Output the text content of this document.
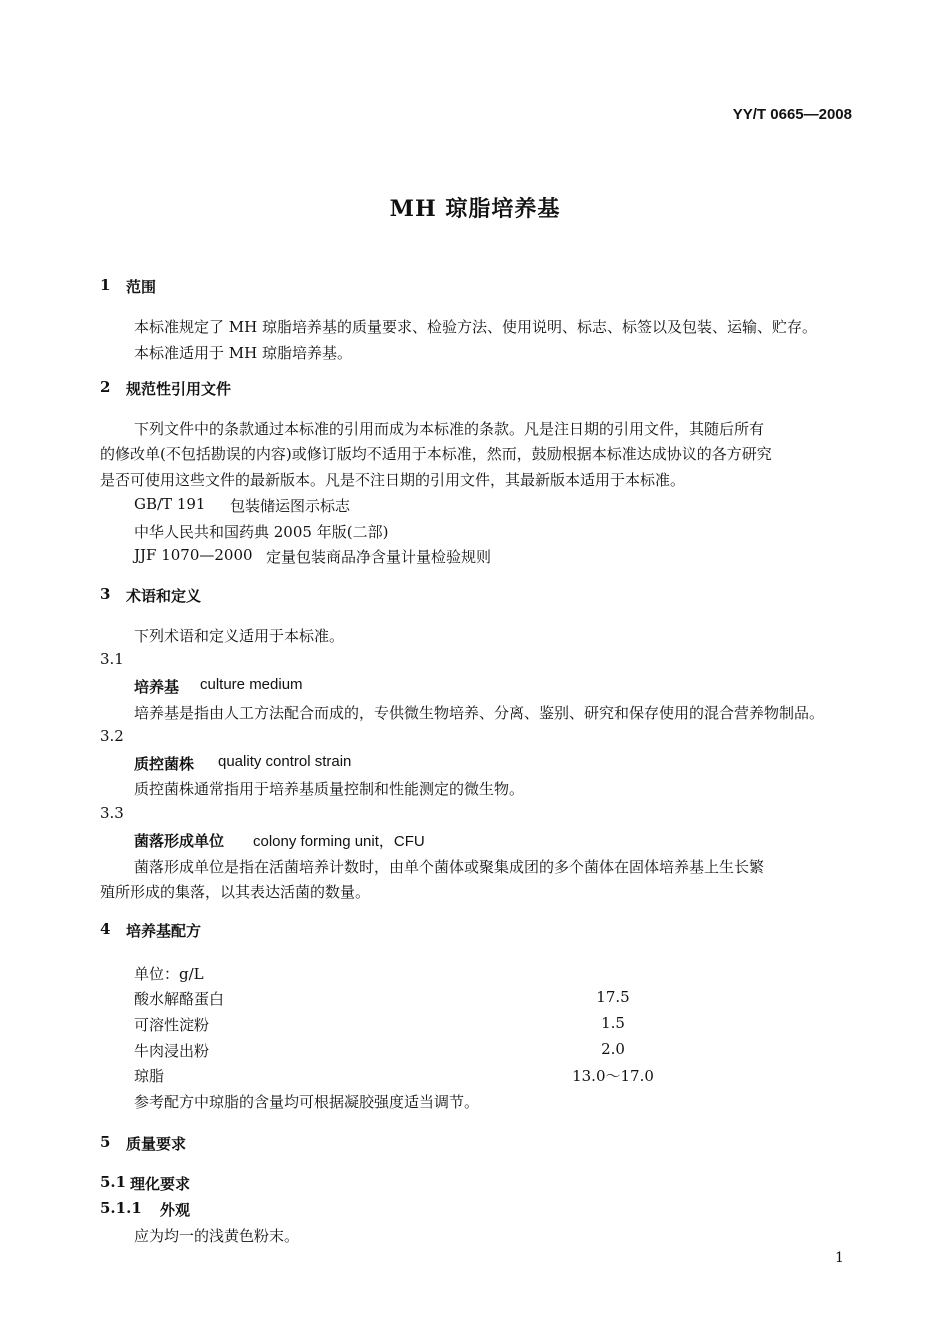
YY/T 0665—2008
MH 琼脂培养基
1 范围
本标准规定了 MH 琼脂培养基的质量要求、检验方法、使用说明、标志、标签以及包装、运输、贮存。
本标准适用于 MH 琼脂培养基。
2 规范性引用文件
下列文件中的条款通过本标准的引用而成为本标准的条款。凡是注日期的引用文件，其随后所有
的修改单(不包括勘误的内容)或修订版均不适用于本标准，然而，鼓励根据本标准达成协议的各方研究
是否可使用这些文件的最新版本。凡是不注日期的引用文件，其最新版本适用于本标准。
GB/T 191 包装储运图示标志
中华人民共和国药典 2005 年版(二部)
JJF 1070—2000 定量包装商品净含量计量检验规则
3 术语和定义
下列术语和定义适用于本标准。
3.1
培养基 culture medium
培养基是指由人工方法配合而成的，专供微生物培养、分离、鉴别、研究和保存使用的混合营养物制品。
3.2
质控菌株 quality control strain
质控菌株通常指用于培养基质量控制和性能测定的微生物。
3.3
菌落形成单位 colony forming unit，CFU
菌落形成单位是指在活菌培养计数时，由单个菌体或聚集成团的多个菌体在固体培养基上生长繁
殖所形成的集落，以其表达活菌的数量。
4 培养基配方
单位：g/L
酸水解酪蛋白	17.5
可溶性淀粉	1.5
牛肉浸出粉	2.0
琼脂	13.0～17.0
参考配方中琼脂的含量均可根据凝胶强度适当调节。
5 质量要求
5.1 理化要求
5.1.1 外观
应为均一的浅黄色粉末。
1
